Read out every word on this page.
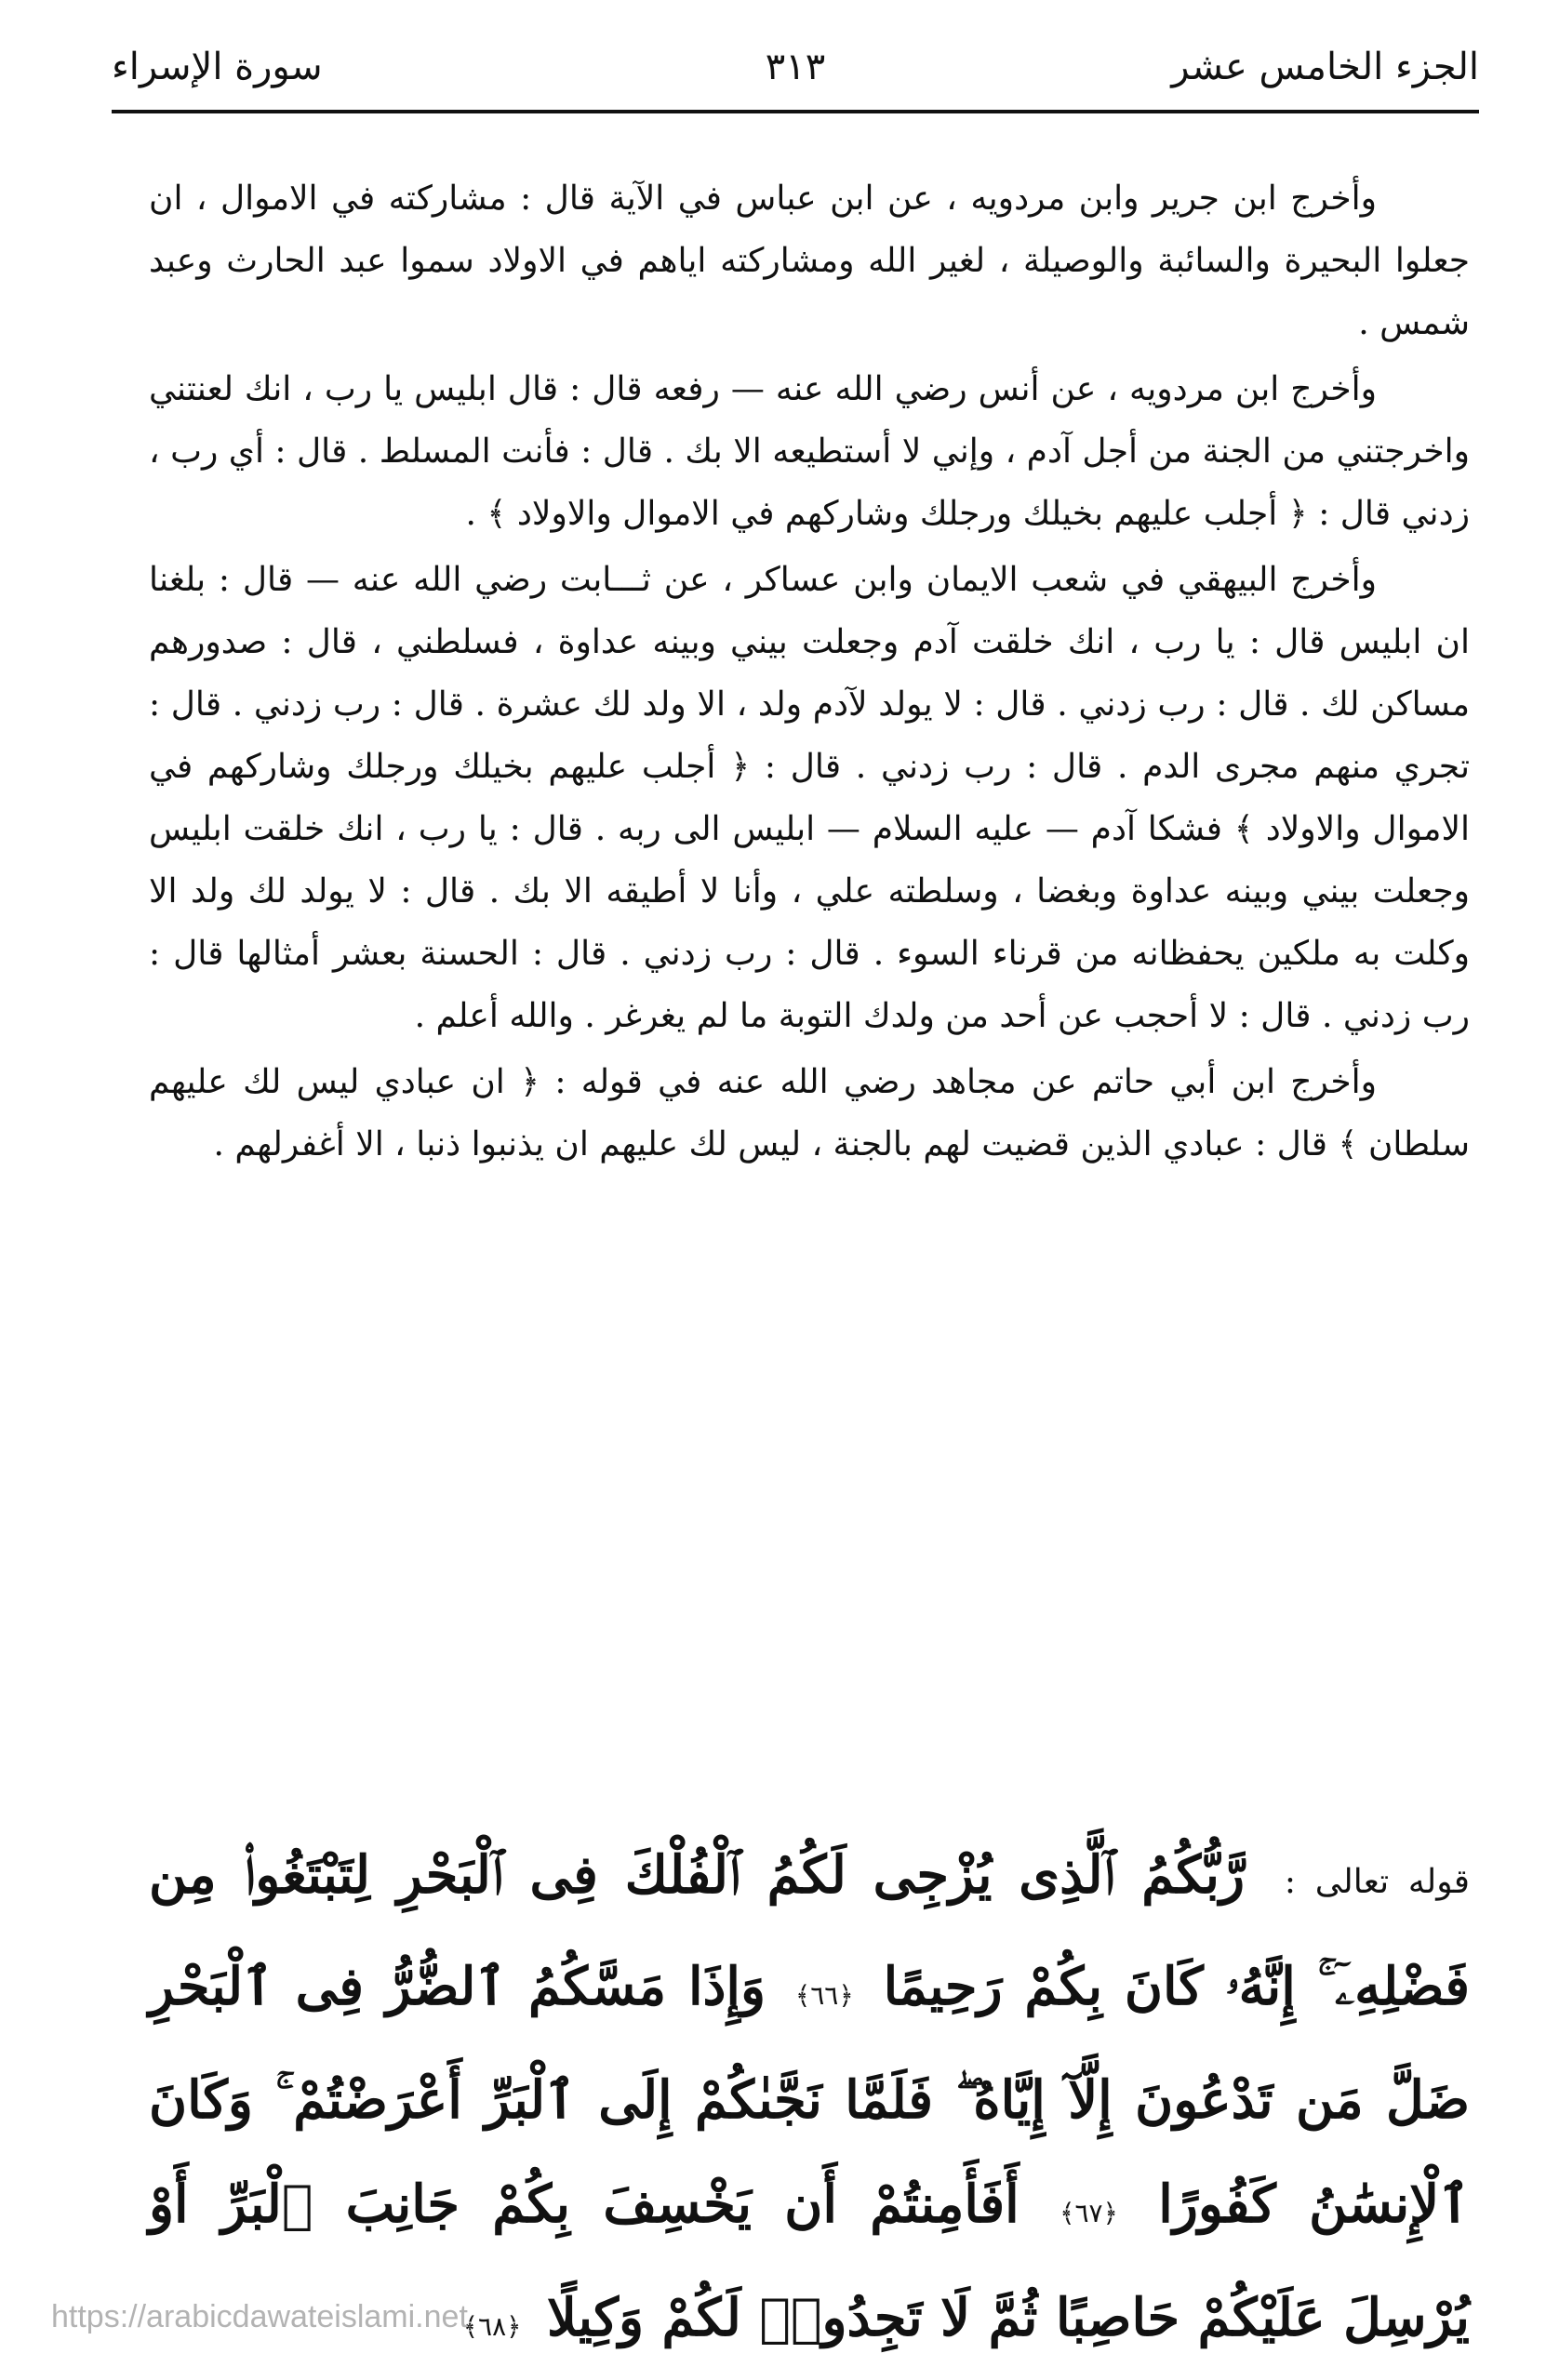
الجزء الخامس عشر
٣١٣
سورة الإسراء

وأخرج ابن جرير وابن مردويه ، عن ابن عباس في الآية قال : مشاركته في الاموال ، ان جعلوا البحيرة والسائبة والوصيلة ، لغير الله ومشاركته اياهم في الاولاد سموا عبد الحارث وعبد شمس .

وأخرج ابن مردويه ، عن أنس رضي الله عنه — رفعه قال : قال ابليس يا رب ، انك لعنتني واخرجتني من الجنة من أجل آدم ، وإني لا أستطيعه الا بك . قال : فأنت المسلط . قال : أي رب ، زدني قال : ﴿ أجلب عليهم بخيلك ورجلك وشاركهم في الاموال والاولاد ﴾ .

وأخرج البيهقي في شعب الايمان وابن عساكر ، عن ثـــابت رضي الله عنه — قال : بلغنا ان ابليس قال : يا رب ، انك خلقت آدم وجعلت بيني وبينه عداوة ، فسلطني ، قال : صدورهم مساكن لك . قال : رب زدني . قال : لا يولد لآدم ولد ، الا ولد لك عشرة . قال : رب زدني . قال : تجري منهم مجرى الدم . قال : رب زدني . قال : ﴿ أجلب عليهم بخيلك ورجلك وشاركهم في الاموال والاولاد ﴾ فشكا آدم — عليه السلام — ابليس الى ربه . قال : يا رب ، انك خلقت ابليس وجعلت بيني وبينه عداوة وبغضا ، وسلطته علي ، وأنا لا أطيقه الا بك . قال : لا يولد لك ولد الا وكلت به ملكين يحفظانه من قرناء السوء . قال : رب زدني . قال : الحسنة بعشر أمثالها قال : رب زدني . قال : لا أحجب عن أحد من ولدك التوبة ما لم يغرغر . والله أعلم .

وأخرج ابن أبي حاتم عن مجاهد رضي الله عنه في قوله : ﴿ ان عبادي ليس لك عليهم سلطان ﴾ قال : عبادي الذين قضيت لهم بالجنة ، ليس لك عليهم ان يذنبوا ذنبا ، الا أغفرلهم .

قوله تعالى : رَّبُّكُمُ ٱلَّذِى يُزْجِى لَكُمُ ٱلْفُلْكَ فِى ٱلْبَحْرِ لِتَبْتَغُوا۟ مِن فَضْلِهِۦٓ ۚ إِنَّهُۥ كَانَ بِكُمْ رَحِيمًا ﴿٦٦﴾ وَإِذَا مَسَّكُمُ ٱلضُّرُّ فِى ٱلْبَحْرِ ضَلَّ مَن تَدْعُونَ إِلَّآ إِيَّاهُ ۖ فَلَمَّا نَجَّىٰكُمْ إِلَى ٱلْبَرِّ أَعْرَضْتُمْ ۚ وَكَانَ ٱلْإِنسَٰنُ كَفُورًا ﴿٦٧﴾ أَفَأَمِنتُمْ أَن يَخْسِفَ بِكُمْ جَانِبَ ٱلْبَرِّ أَوْ يُرْسِلَ عَلَيْكُمْ حَاصِبًا ثُمَّ لَا تَجِدُوا۟ لَكُمْ وَكِيلًا ﴿٦٨﴾
https://arabicdawateislami.net
